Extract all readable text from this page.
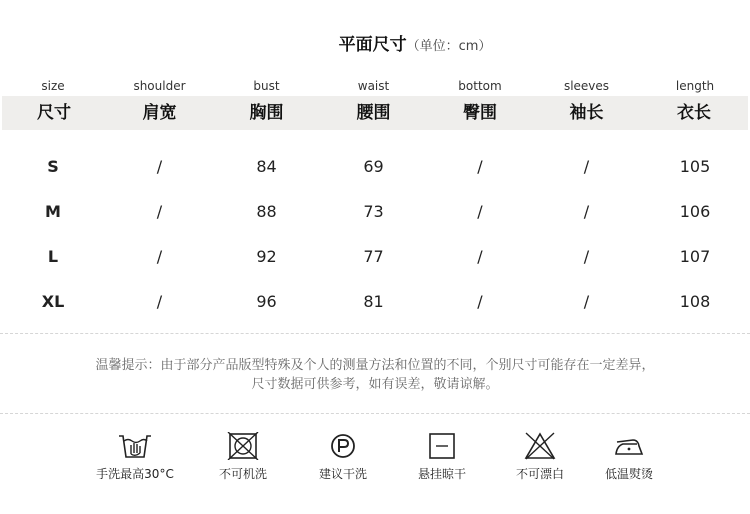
平面尺寸（单位：cm）
size	shoulder	bust	waist	bottom	sleeves	length
尺寸	肩宽	胸围	腰围	臀围	袖长	衣长
S	/	84	69	/	/	105
M	/	88	73	/	/	106
L	/	92	77	/	/	107
XL	/	96	81	/	/	108
温馨提示：由于部分产品版型特殊及个人的测量方法和位置的不同，个别尺寸可能存在一定差异，
尺寸数据可供参考，如有误差，敬请谅解。
手洗最高30°C	不可机洗	建议干洗	悬挂晾干	不可漂白	低温熨烫
